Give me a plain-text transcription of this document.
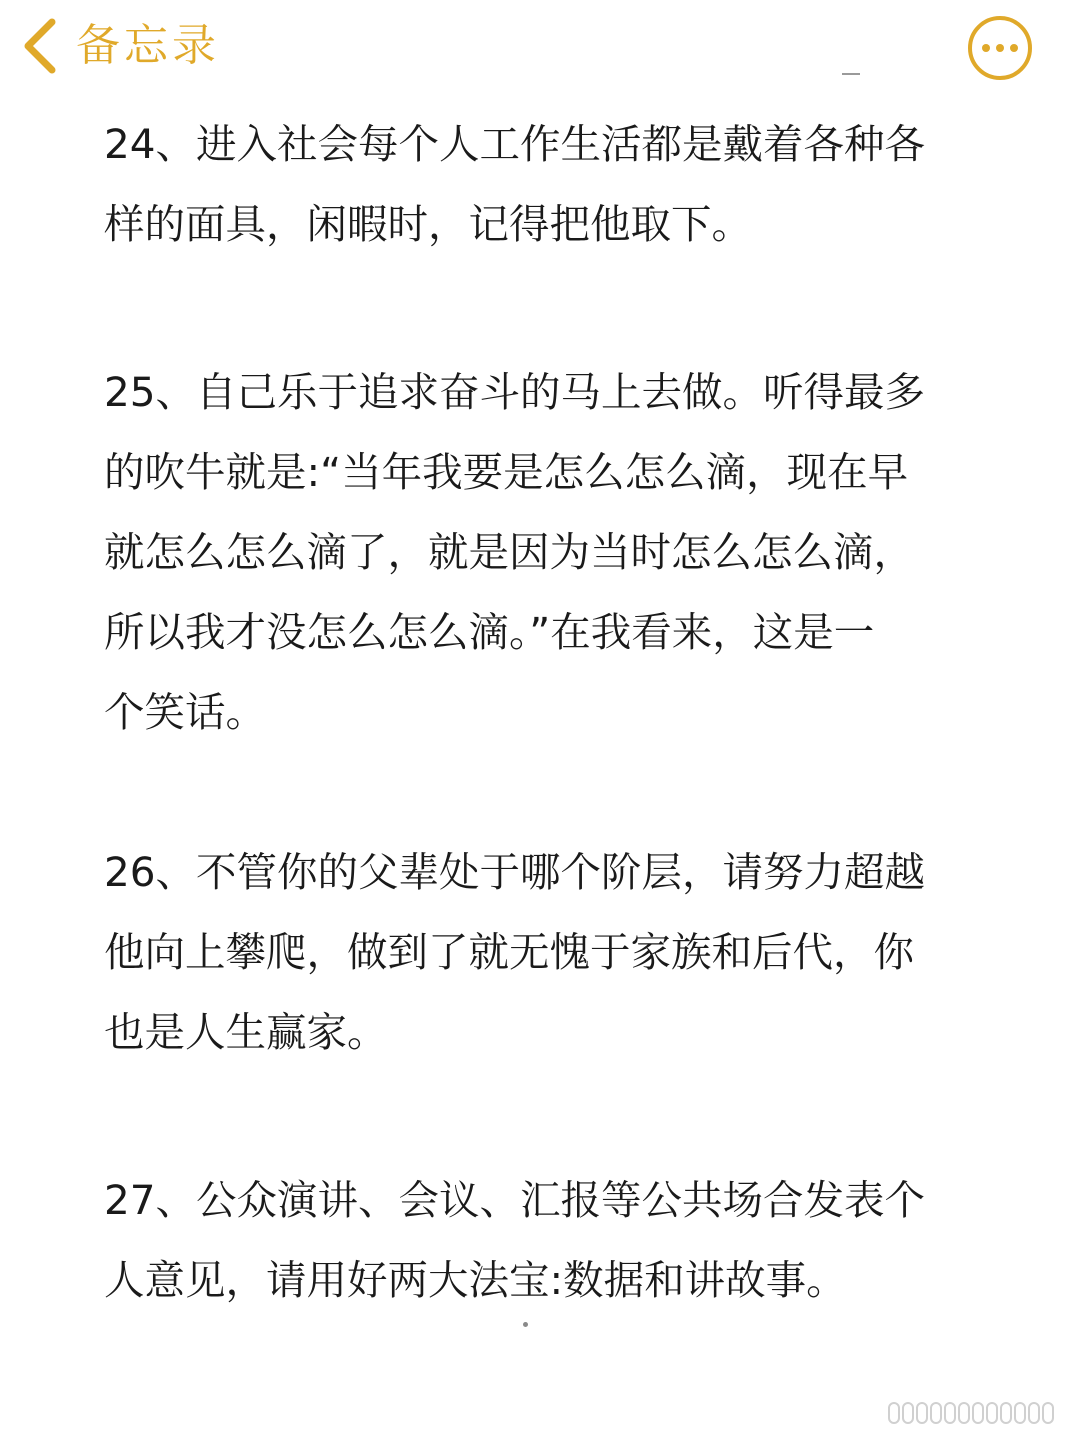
备忘录
24、进入社会每个人工作生活都是戴着各种各
样的面具，闲暇时，记得把他取下。
25、自己乐于追求奋斗的马上去做。听得最多
的吹牛就是:“当年我要是怎么怎么滴，现在早
就怎么怎么滴了，就是因为当时怎么怎么滴，
所以我才没怎么怎么滴。”在我看来，这是一
个笑话。
26、不管你的父辈处于哪个阶层，请努力超越
他向上攀爬，做到了就无愧于家族和后代，你
也是人生赢家。
27、公众演讲、会议、汇报等公共场合发表个
人意见，请用好两大法宝:数据和讲故事。
